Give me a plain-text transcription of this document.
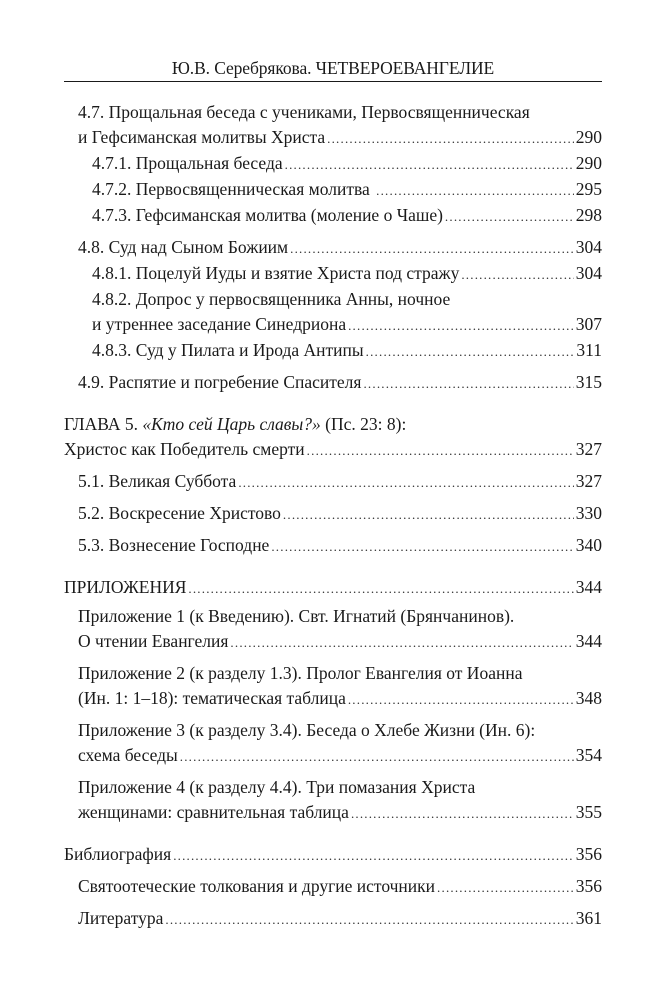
Ю.В. Серебрякова. ЧЕТВЕРОЕВАНГЕЛИЕ
4.7. Прощальная беседа с учениками, Первосвященническая
и Гефсиманская молитвы Христа .....	290
4.7.1. Прощальная беседа .....	290
4.7.2. Первосвященническая молитва .....	295
4.7.3. Гефсиманская молитва (моление о Чаше) .....	298
4.8. Суд над Сыном Божиим .....	304
4.8.1. Поцелуй Иуды и взятие Христа под стражу .....	304
4.8.2. Допрос у первосвященника Анны, ночное
и утреннее заседание Синедриона .....	307
4.8.3. Суд у Пилата и Ирода Антипы .....	311
4.9. Распятие и погребение Спасителя .....	315
ГЛАВА 5. «Кто сей Царь славы?» (Пс. 23: 8):
Христос как Победитель смерти .....	327
5.1. Великая Суббота .....	327
5.2. Воскресение Христово .....	330
5.3. Вознесение Господне .....	340
ПРИЛОЖЕНИЯ .....	344
Приложение 1 (к Введению). Свт. Игнатий (Брянчанинов).
О чтении Евангелия .....	344
Приложение 2 (к разделу 1.3). Пролог Евангелия от Иоанна
(Ин. 1: 1–18): тематическая таблица .....	348
Приложение 3 (к разделу 3.4). Беседа о Хлебе Жизни (Ин. 6):
схема беседы .....	354
Приложение 4 (к разделу 4.4). Три помазания Христа
женщинами: сравнительная таблица .....	355
Библиография .....	356
Святоотеческие толкования и другие источники .....	356
Литература .....	361
